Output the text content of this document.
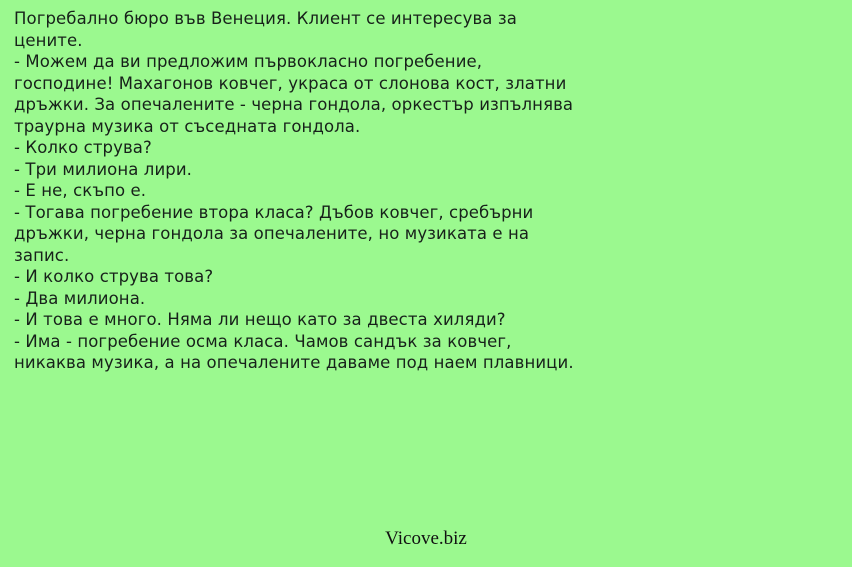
Погребално бюро във Венеция. Клиент се интересува за цените.

- Можем да ви предложим първокласно погребение, господине! Махагонов ковчег, украса от слонова кост, златни дръжки. За опечалените - черна гондола, оркестър изпълнява траурна музика от съседната гондола.

- Колко струва?

- Три милиона лири.

- Е не, скъпо е.

- Тогава погребение втора класа? Дъбов ковчег, сребърни дръжки, черна гондола за опечалените, но музиката е на запис.

- И колко струва това?

- Два милиона.

- И това е много. Няма ли нещо като за двеста хиляди?

- Има - погребение осма класа. Чамов сандък за ковчег, никаква музика, а на опечалените даваме под наем плавници.

Vicove.biz
